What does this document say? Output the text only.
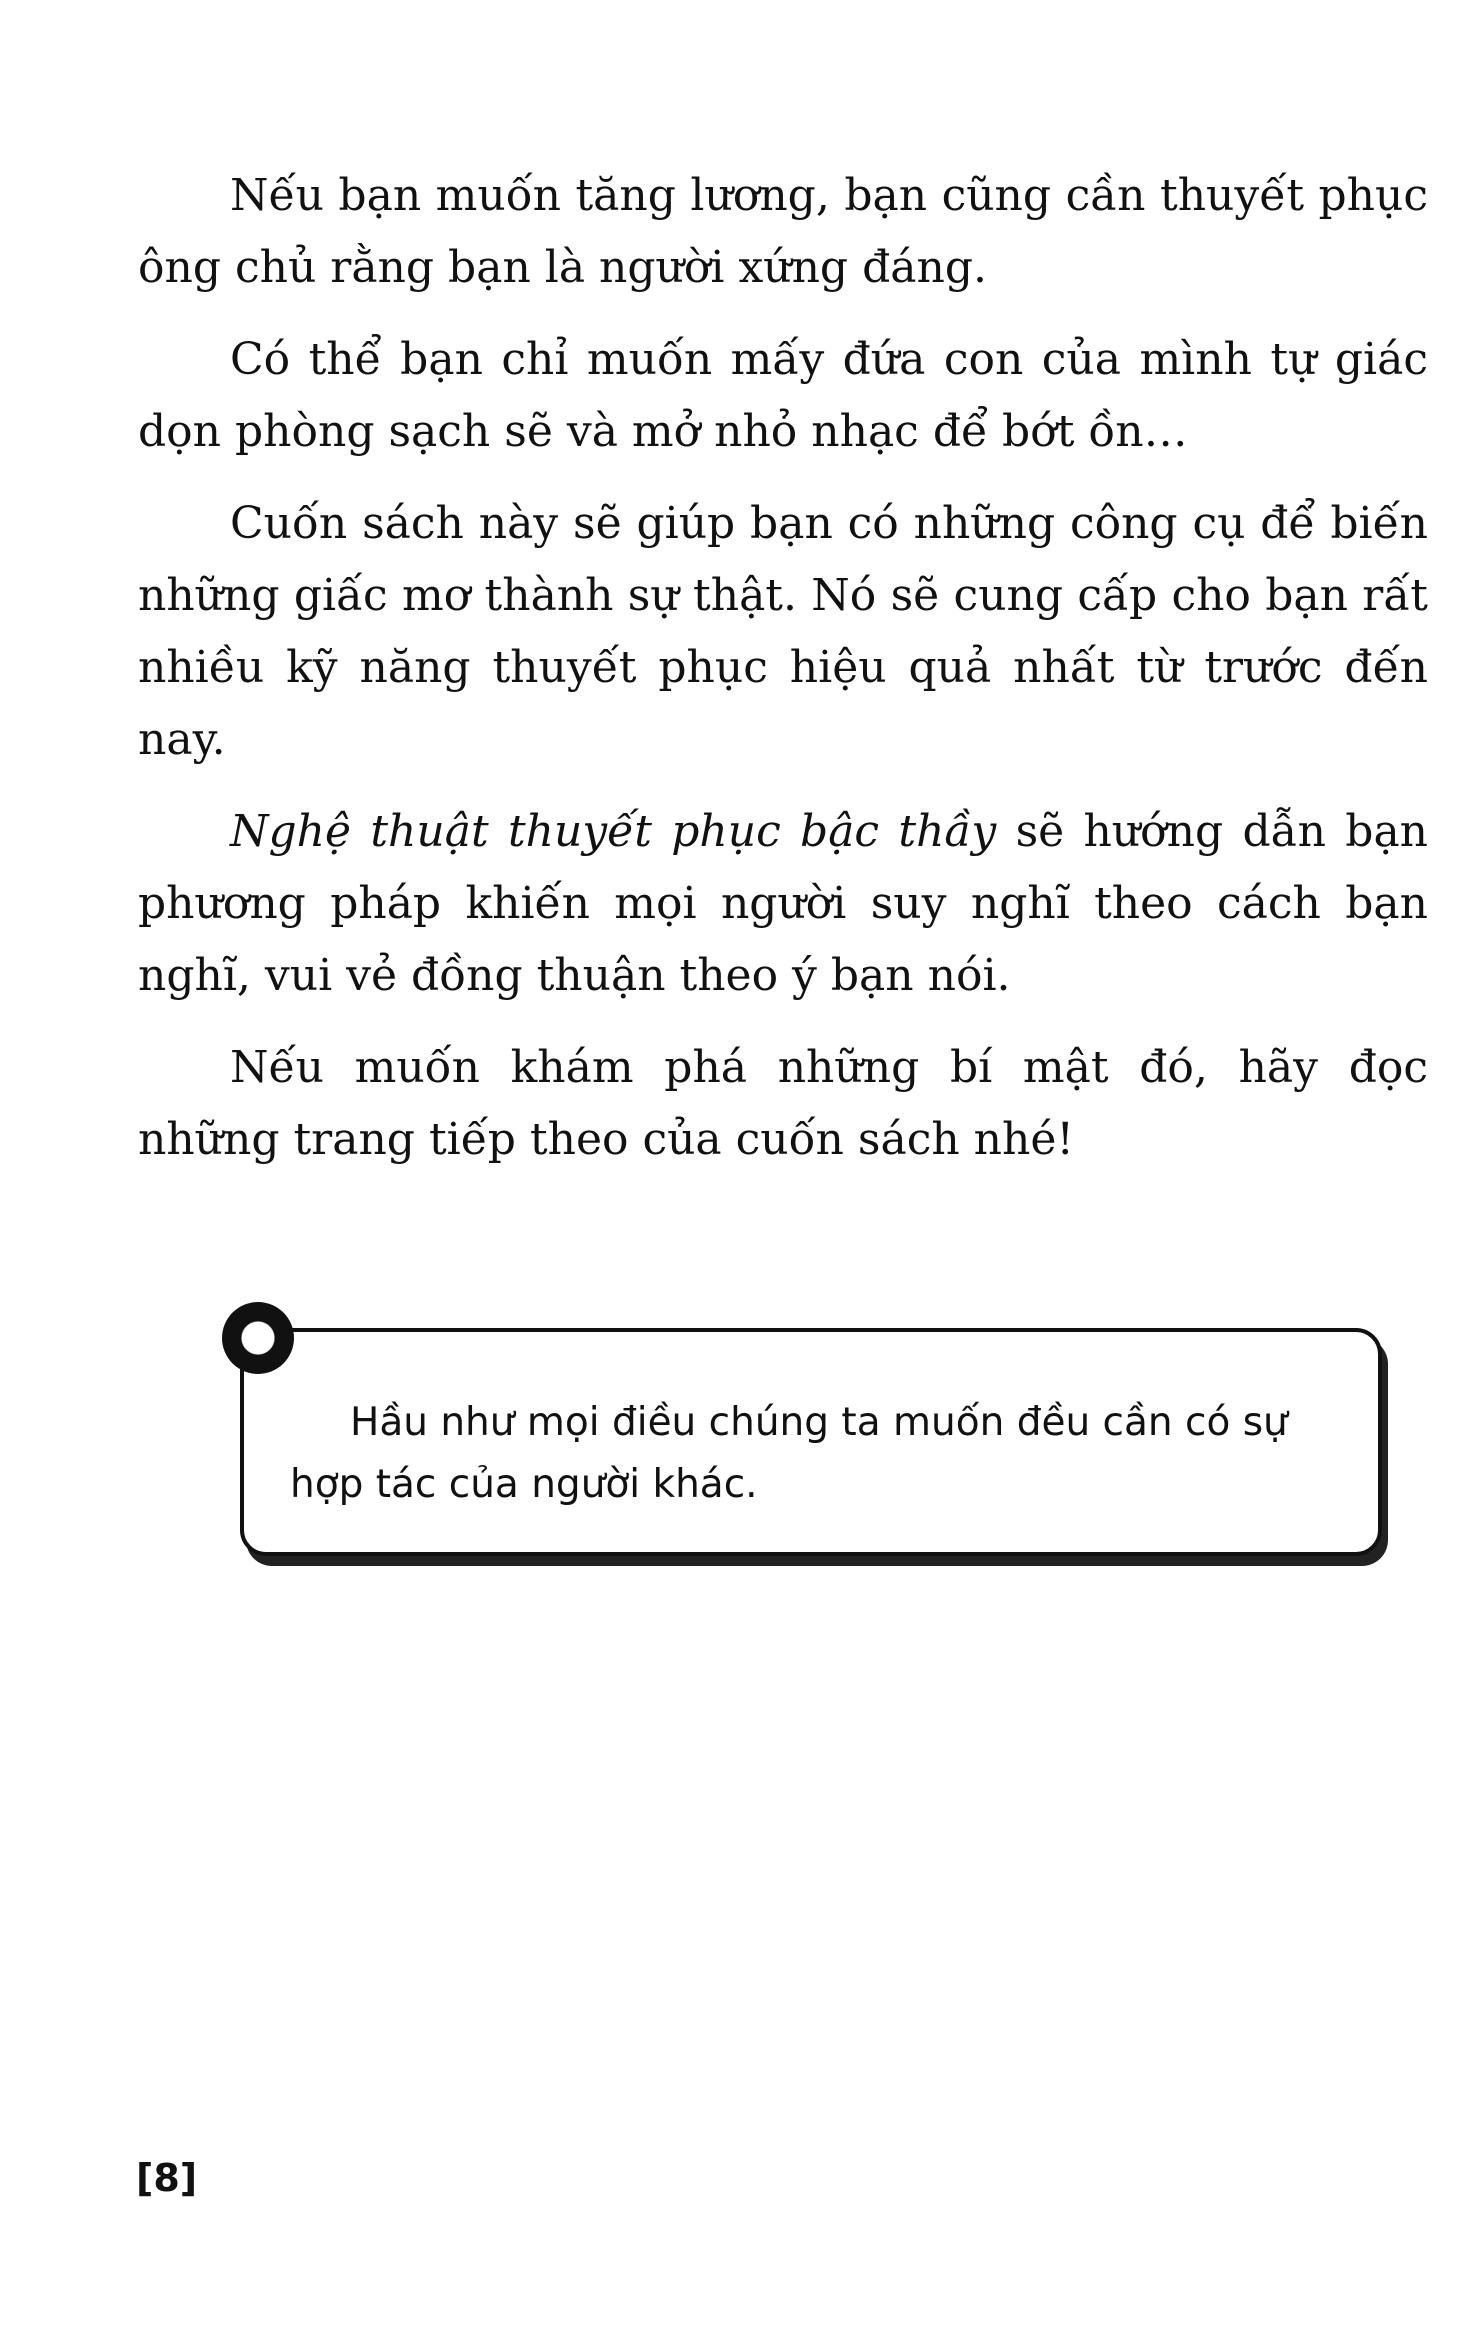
Nếu bạn muốn tăng lương, bạn cũng cần thuyết phục ông chủ rằng bạn là người xứng đáng.

Có thể bạn chỉ muốn mấy đứa con của mình tự giác dọn phòng sạch sẽ và mở nhỏ nhạc để bớt ồn…

Cuốn sách này sẽ giúp bạn có những công cụ để biến những giấc mơ thành sự thật. Nó sẽ cung cấp cho bạn rất nhiều kỹ năng thuyết phục hiệu quả nhất từ trước đến nay.

Nghệ thuật thuyết phục bậc thầy sẽ hướng dẫn bạn phương pháp khiến mọi người suy nghĩ theo cách bạn nghĩ, vui vẻ đồng thuận theo ý bạn nói.

Nếu muốn khám phá những bí mật đó, hãy đọc những trang tiếp theo của cuốn sách nhé!

Hầu như mọi điều chúng ta muốn đều cần có sự hợp tác của người khác.
[8]
